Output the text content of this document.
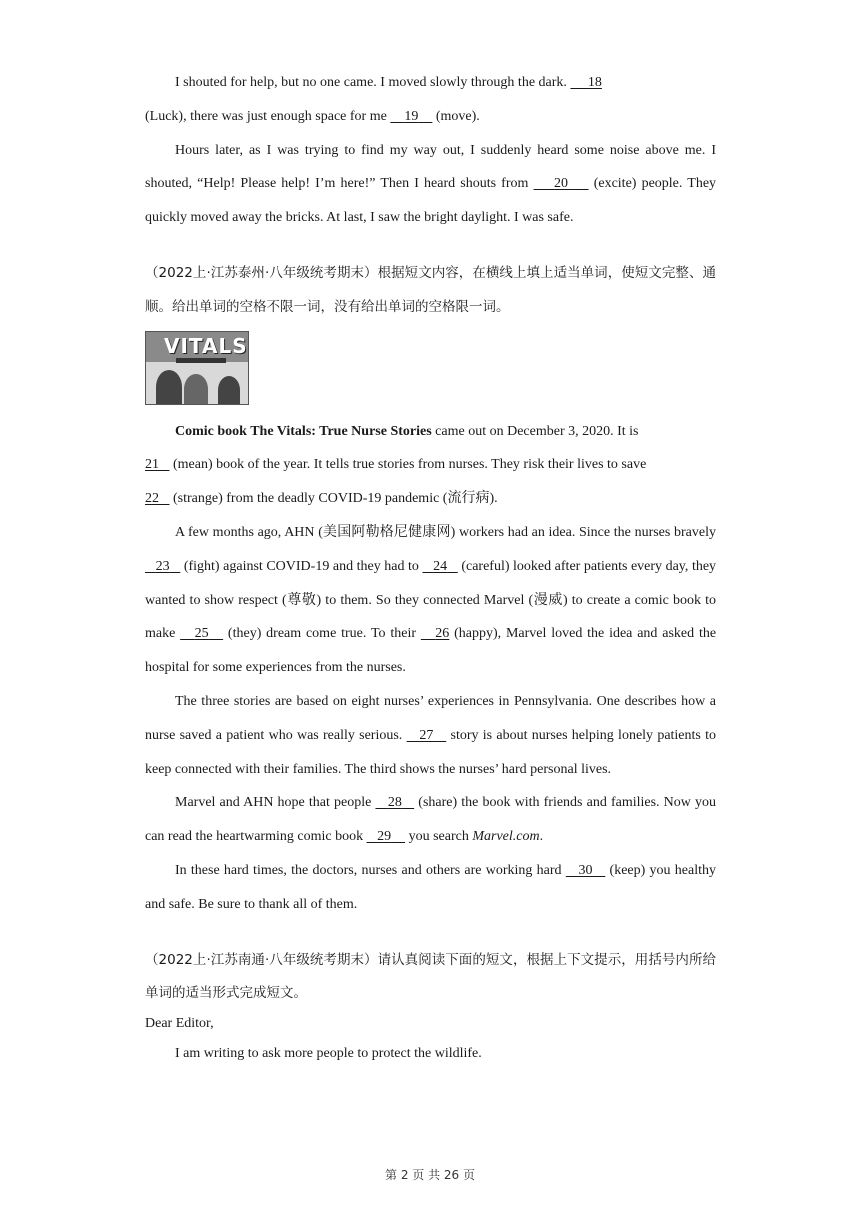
I shouted for help, but no one came. I moved slowly through the dark. 18
(Luck), there was just enough space for me 19 (move).

Hours later, as I was trying to find my way out, I suddenly heard some noise above me. I shouted, “Help! Please help! I’m here!” Then I heard shouts from 20 (excite) people. They quickly moved away the bricks. At last, I saw the bright daylight. I was safe.

（2022上·江苏泰州·八年级统考期末）根据短文内容，在横线上填上适当单词，使短文完整、通顺。给出单词的空格不限一词，没有给出单词的空格限一词。

VITALS

Comic book The Vitals: True Nurse Stories came out on December 3, 2020. It is
21 (mean) book of the year. It tells true stories from nurses. They risk their lives to save
22 (strange) from the deadly COVID-19 pandemic (流行病).

A few months ago, AHN (美国阿勒格尼健康网) workers had an idea. Since the nurses bravely    23 (fight) against COVID-19 and they had to 24 (careful) looked after patients every day, they wanted to show respect (尊敬) to them. So they connected Marvel (漫威) to create a comic book to make 25 (they) dream come true. To their 26 (happy), Marvel loved the idea and asked the hospital for some experiences from the nurses.

The three stories are based on eight nurses’ experiences in Pennsylvania. One describes how a nurse saved a patient who was really serious. 27 story is about nurses helping lonely patients to keep connected with their families. The third shows the nurses’ hard personal lives.

Marvel and AHN hope that people 28 (share) the book with friends and families. Now you can read the heartwarming comic book 29 you search Marvel.com.

In these hard times, the doctors, nurses and others are working hard 30 (keep) you healthy and safe. Be sure to thank all of them.

（2022上·江苏南通·八年级统考期末）请认真阅读下面的短文，根据上下文提示，用括号内所给单词的适当形式完成短文。

Dear Editor,

I am writing to ask more people to protect the wildlife.

第 2 页 共 26 页
